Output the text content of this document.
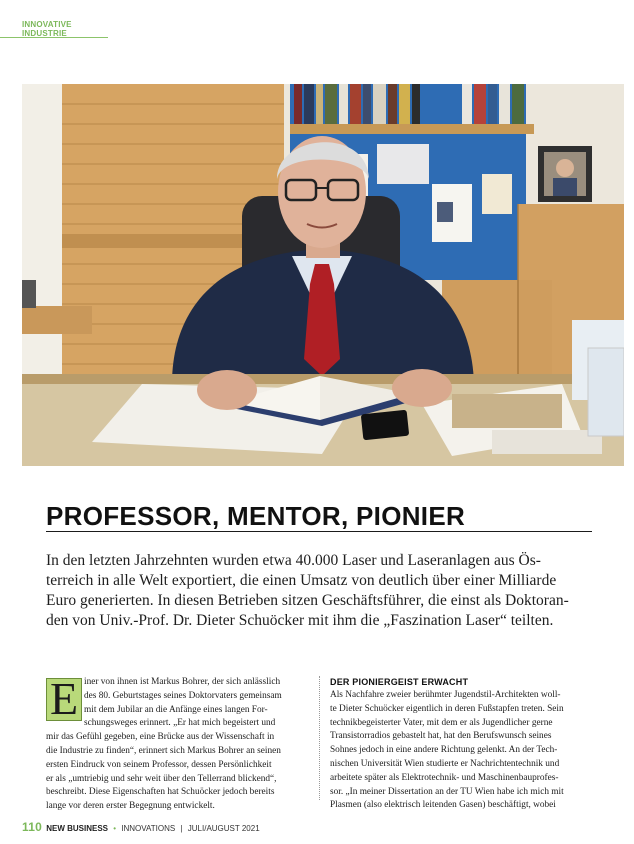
INNOVATIVE INDUSTRIE
PROFESSOR, MENTOR, PIONIER

In den letzten Jahrzehnten wurden etwa 40.000 Laser und Laseranlagen aus Ös-

terreich in alle Welt exportiert, die einen Umsatz von deutlich über einer Milliarde

Euro generierten. In diesen Betrieben sitzen Geschäftsführer, die einst als Doktoran-

den von Univ.-Prof. Dr. Dieter Schuöcker mit ihm die „Faszination Laser“ teilten.

E iner von ihnen ist Markus Bohrer, der sich anlässlich
des 80. Geburtstages seines Doktorvaters gemeinsam
mit dem Jubilar an die Anfänge eines langen For-
schungsweges erinnert. „Er hat mich begeistert und
mir das Gefühl gegeben, eine Brücke aus der Wissenschaft in
die Industrie zu finden“, erinnert sich Markus Bohrer an seinen
ersten Eindruck von seinem Professor, dessen Persönlichkeit
er als „umtriebig und sehr weit über den Tellerrand blickend“,
beschreibt. Diese Eigenschaften hat Schuöcker jedoch bereits
lange vor deren erster Begegnung entwickelt.
DER PIONIERGEIST ERWACHT
Als Nachfahre zweier berühmter Jugendstil-Architekten woll-
te Dieter Schuöcker eigentlich in deren Fußstapfen treten. Sein
technikbegeisterter Vater, mit dem er als Jugendlicher gerne
Transistorradios gebastelt hat, hat den Berufswunsch seines
Sohnes jedoch in eine andere Richtung gelenkt. An der Tech-
nischen Universität Wien studierte er Nachrichtentechnik und
arbeitete später als Elektrotechnik- und Maschinenbauprofes-
sor. „In meiner Dissertation an der TU Wien habe ich mich mit
Plasmen (also elektrisch leitenden Gasen) beschäftigt, wobei
110 NEW BUSINESS • INNOVATIONS | JULI/AUGUST 2021
